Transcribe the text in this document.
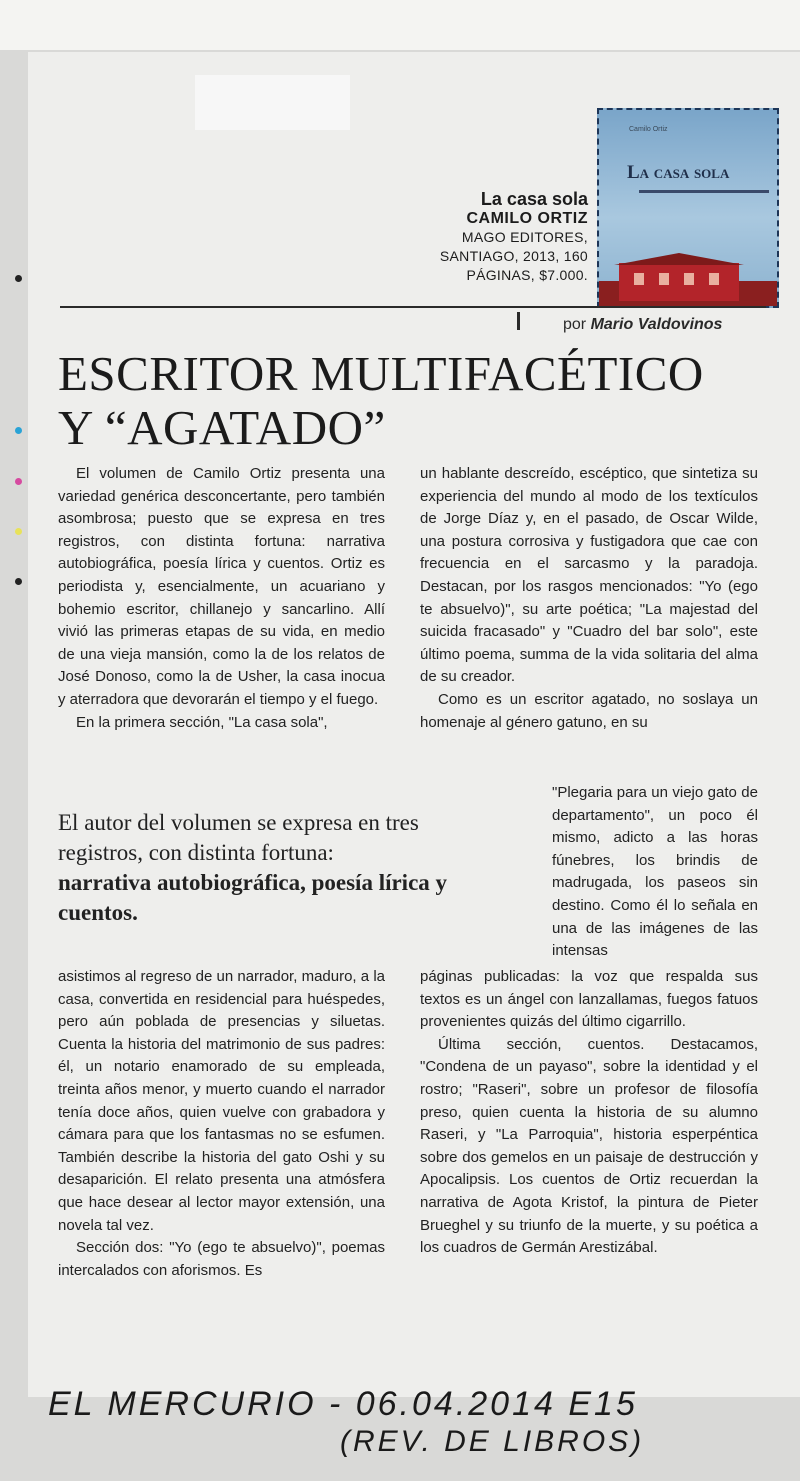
La casa sola
CAMILO ORTIZ
MAGO EDITORES,
SANTIAGO, 2013, 160
PÁGINAS, $7.000.
Camilo Ortiz
La casa sola
por Mario Valdovinos
ESCRITOR MULTIFACÉTICO
Y “AGATADO”

El volumen de Camilo Ortiz presenta una variedad genérica desconcertante, pero también asombrosa; puesto que se expresa en tres registros, con distinta fortuna: narrativa autobiográfica, poesía lírica y cuentos. Ortiz es periodista y, esencialmente, un acuariano y bohemio escritor, chillanejo y sancarlino. Allí vivió las primeras etapas de su vida, en medio de una vieja mansión, como la de los relatos de José Donoso, como la de Usher, la casa inocua y aterradora que devorarán el tiempo y el fuego.

En la primera sección, "La casa sola",

El autor del volumen se expresa en tres registros, con distinta fortuna:
narrativa autobiográfica, poesía lírica y cuentos.

asistimos al regreso de un narrador, maduro, a la casa, convertida en residencial para huéspedes, pero aún poblada de presencias y siluetas. Cuenta la historia del matrimonio de sus padres: él, un notario enamorado de su empleada, treinta años menor, y muerto cuando el narrador tenía doce años, quien vuelve con grabadora y cámara para que los fantasmas no se esfumen. También describe la historia del gato Oshi y su desaparición. El relato presenta una atmósfera que hace desear al lector mayor extensión, una novela tal vez.

Sección dos: "Yo (ego te absuelvo)", poemas intercalados con aforismos. Es

un hablante descreído, escéptico, que sintetiza su experiencia del mundo al modo de los textículos de Jorge Díaz y, en el pasado, de Oscar Wilde, una postura corrosiva y fustigadora que cae con frecuencia en el sarcasmo y la paradoja. Destacan, por los rasgos mencionados: "Yo (ego te absuelvo)", su arte poética; "La majestad del suicida fracasado" y "Cuadro del bar solo", este último poema, summa de la vida solitaria del alma de su creador.

Como es un escritor agatado, no soslaya un homenaje al género gatuno, en su

"Plegaria para un viejo gato de departamento", un poco él mismo, adicto a las horas fúnebres, los brindis de madrugada, los paseos sin destino. Como él lo señala en una de las imágenes de las intensas

páginas publicadas: la voz que respalda sus textos es un ángel con lanzallamas, fuegos fatuos provenientes quizás del último cigarrillo.

Última sección, cuentos. Destacamos, "Condena de un payaso", sobre la identidad y el rostro; "Raseri", sobre un profesor de filosofía preso, quien cuenta la historia de su alumno Raseri, y "La Parroquia", historia esperpéntica sobre dos gemelos en un paisaje de destrucción y Apocalipsis. Los cuentos de Ortiz recuerdan la narrativa de Agota Kristof, la pintura de Pieter Brueghel y su triunfo de la muerte, y su poética a los cuadros de Germán Arestizábal.

EL MERCURIO - 06.04.2014 E15
(REV. DE LIBROS)
